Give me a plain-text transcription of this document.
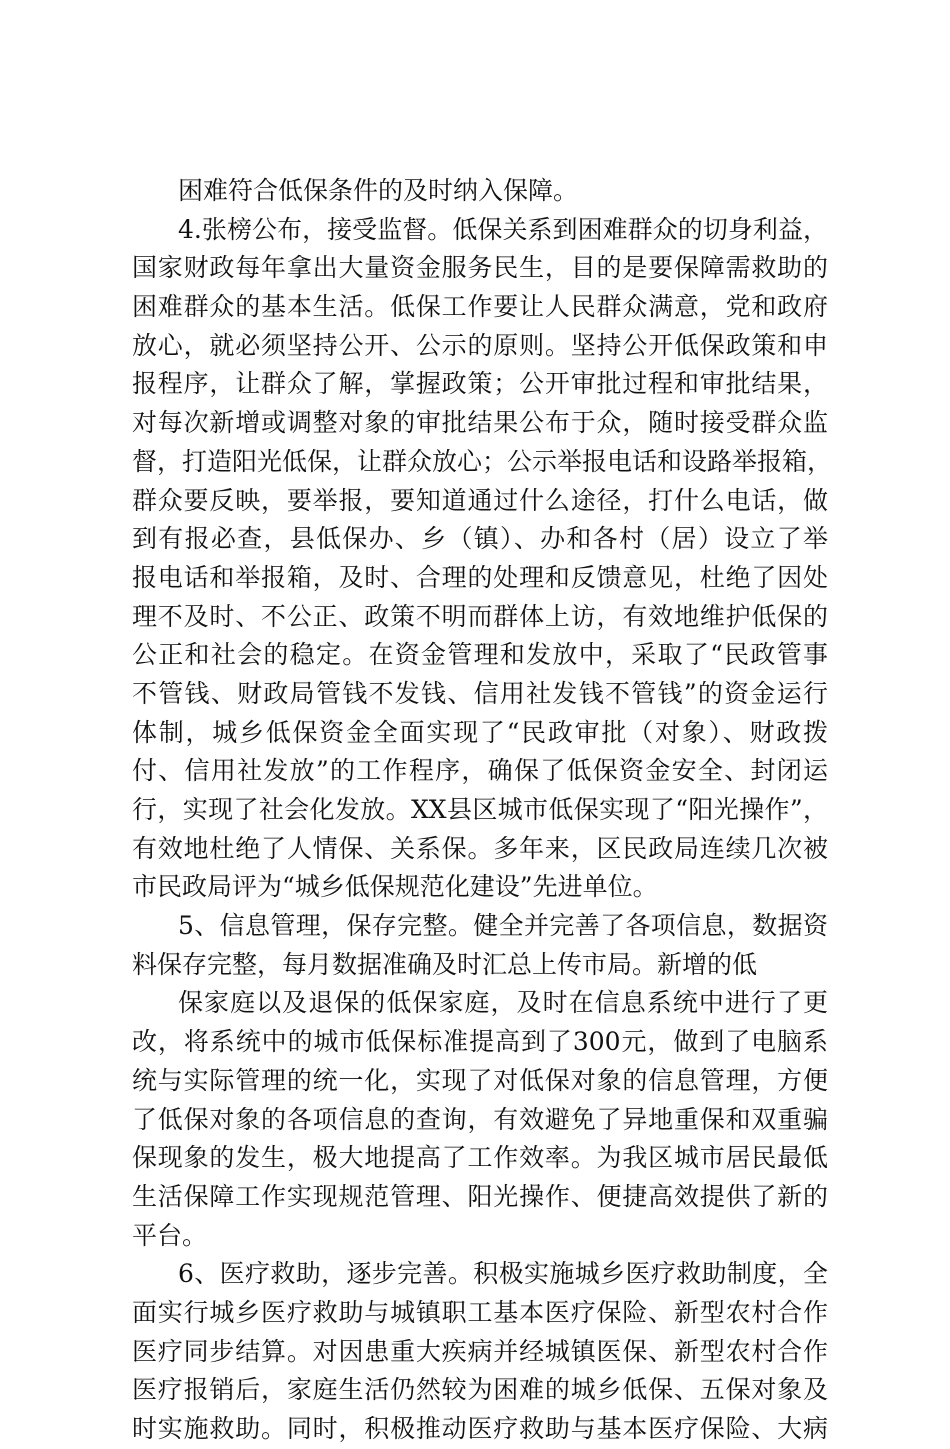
困难符合低保条件的及时纳入保障。
4.张榜公布，接受监督。低保关系到困难群众的切身利益，
国家财政每年拿出大量资金服务民生，目的是要保障需救助的
困难群众的基本生活。低保工作要让人民群众满意，党和政府
放心，就必须坚持公开、公示的原则。坚持公开低保政策和申
报程序，让群众了解，掌握政策；公开审批过程和审批结果，
对每次新增或调整对象的审批结果公布于众，随时接受群众监
督，打造阳光低保，让群众放心；公示举报电话和设路举报箱，
群众要反映，要举报，要知道通过什么途径，打什么电话，做
到有报必查，县低保办、乡（镇）、办和各村（居）设立了举
报电话和举报箱，及时、合理的处理和反馈意见，杜绝了因处
理不及时、不公正、政策不明而群体上访，有效地维护低保的
公正和社会的稳定。在资金管理和发放中，采取了“民政管事
不管钱、财政局管钱不发钱、信用社发钱不管钱”的资金运行
体制，城乡低保资金全面实现了“民政审批（对象）、财政拨
付、信用社发放”的工作程序，确保了低保资金安全、封闭运
行，实现了社会化发放。XX县区城市低保实现了“阳光操作”，
有效地杜绝了人情保、关系保。多年来，区民政局连续几次被
市民政局评为“城乡低保规范化建设”先进单位。
5、信息管理，保存完整。健全并完善了各项信息，数据资
料保存完整，每月数据准确及时汇总上传市局。新增的低
保家庭以及退保的低保家庭，及时在信息系统中进行了更
改，将系统中的城市低保标准提高到了300元，做到了电脑系
统与实际管理的统一化，实现了对低保对象的信息管理，方便
了低保对象的各项信息的查询，有效避免了异地重保和双重骗
保现象的发生，极大地提高了工作效率。为我区城市居民最低
生活保障工作实现规范管理、阳光操作、便捷高效提供了新的
平台。
6、医疗救助，逐步完善。积极实施城乡医疗救助制度，全
面实行城乡医疗救助与城镇职工基本医疗保险、新型农村合作
医疗同步结算。对因患重大疾病并经城镇医保、新型农村合作
医疗报销后，家庭生活仍然较为困难的城乡低保、五保对象及
时实施救助。同时，积极推动医疗救助与基本医疗保险、大病
